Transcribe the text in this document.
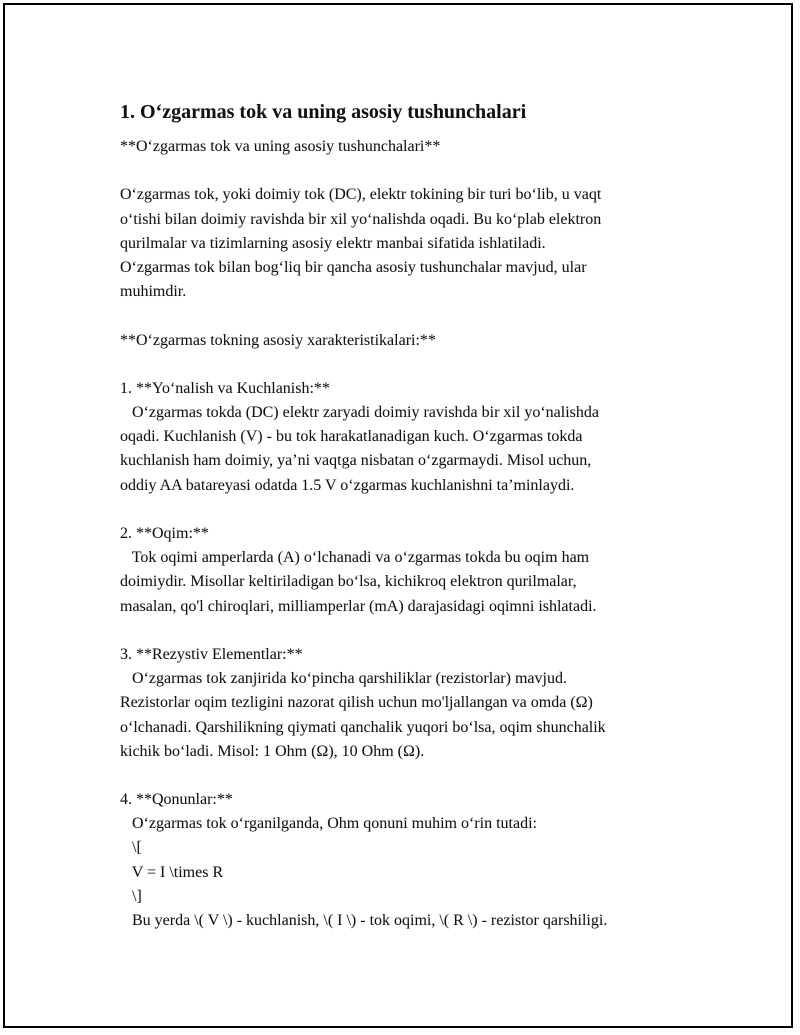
1. O‘zgarmas tok va uning asosiy tushunchalari
**O‘zgarmas tok va uning asosiy tushunchalari**
O‘zgarmas tok, yoki doimiy tok (DC), elektr tokining bir turi bo‘lib, u vaqt
o‘tishi bilan doimiy ravishda bir xil yo‘nalishda oqadi. Bu ko‘plab elektron
qurilmalar va tizimlarning asosiy elektr manbai sifatida ishlatiladi.
O‘zgarmas tok bilan bog‘liq bir qancha asosiy tushunchalar mavjud, ular
muhimdir.
**O‘zgarmas tokning asosiy xarakteristikalari:**
1. **Yo‘nalish va Kuchlanish:**
O‘zgarmas tokda (DC) elektr zaryadi doimiy ravishda bir xil yo‘nalishda
oqadi. Kuchlanish (V) - bu tok harakatlanadigan kuch. O‘zgarmas tokda
kuchlanish ham doimiy, ya’ni vaqtga nisbatan o‘zgarmaydi. Misol uchun,
oddiy AA batareyasi odatda 1.5 V o‘zgarmas kuchlanishni ta’minlaydi.
2. **Oqim:**
Tok oqimi amperlarda (A) o‘lchanadi va o‘zgarmas tokda bu oqim ham
doimiydir. Misollar keltiriladigan bo‘lsa, kichikroq elektron qurilmalar,
masalan, qo'l chiroqlari, milliamperlar (mA) darajasidagi oqimni ishlatadi.
3. **Rezystiv Elementlar:**
O‘zgarmas tok zanjirida ko‘pincha qarshiliklar (rezistorlar) mavjud.
Rezistorlar oqim tezligini nazorat qilish uchun mo'ljallangan va omda (Ω)
o‘lchanadi. Qarshilikning qiymati qanchalik yuqori bo‘lsa, oqim shunchalik
kichik bo‘ladi. Misol: 1 Ohm (Ω), 10 Ohm (Ω).
4. **Qonunlar:**
O‘zgarmas tok o‘rganilganda, Ohm qonuni muhim o‘rin tutadi:
\[
V = I \times R
\]
Bu yerda \( V \) - kuchlanish, \( I \) - tok oqimi, \( R \) - rezistor qarshiligi.
